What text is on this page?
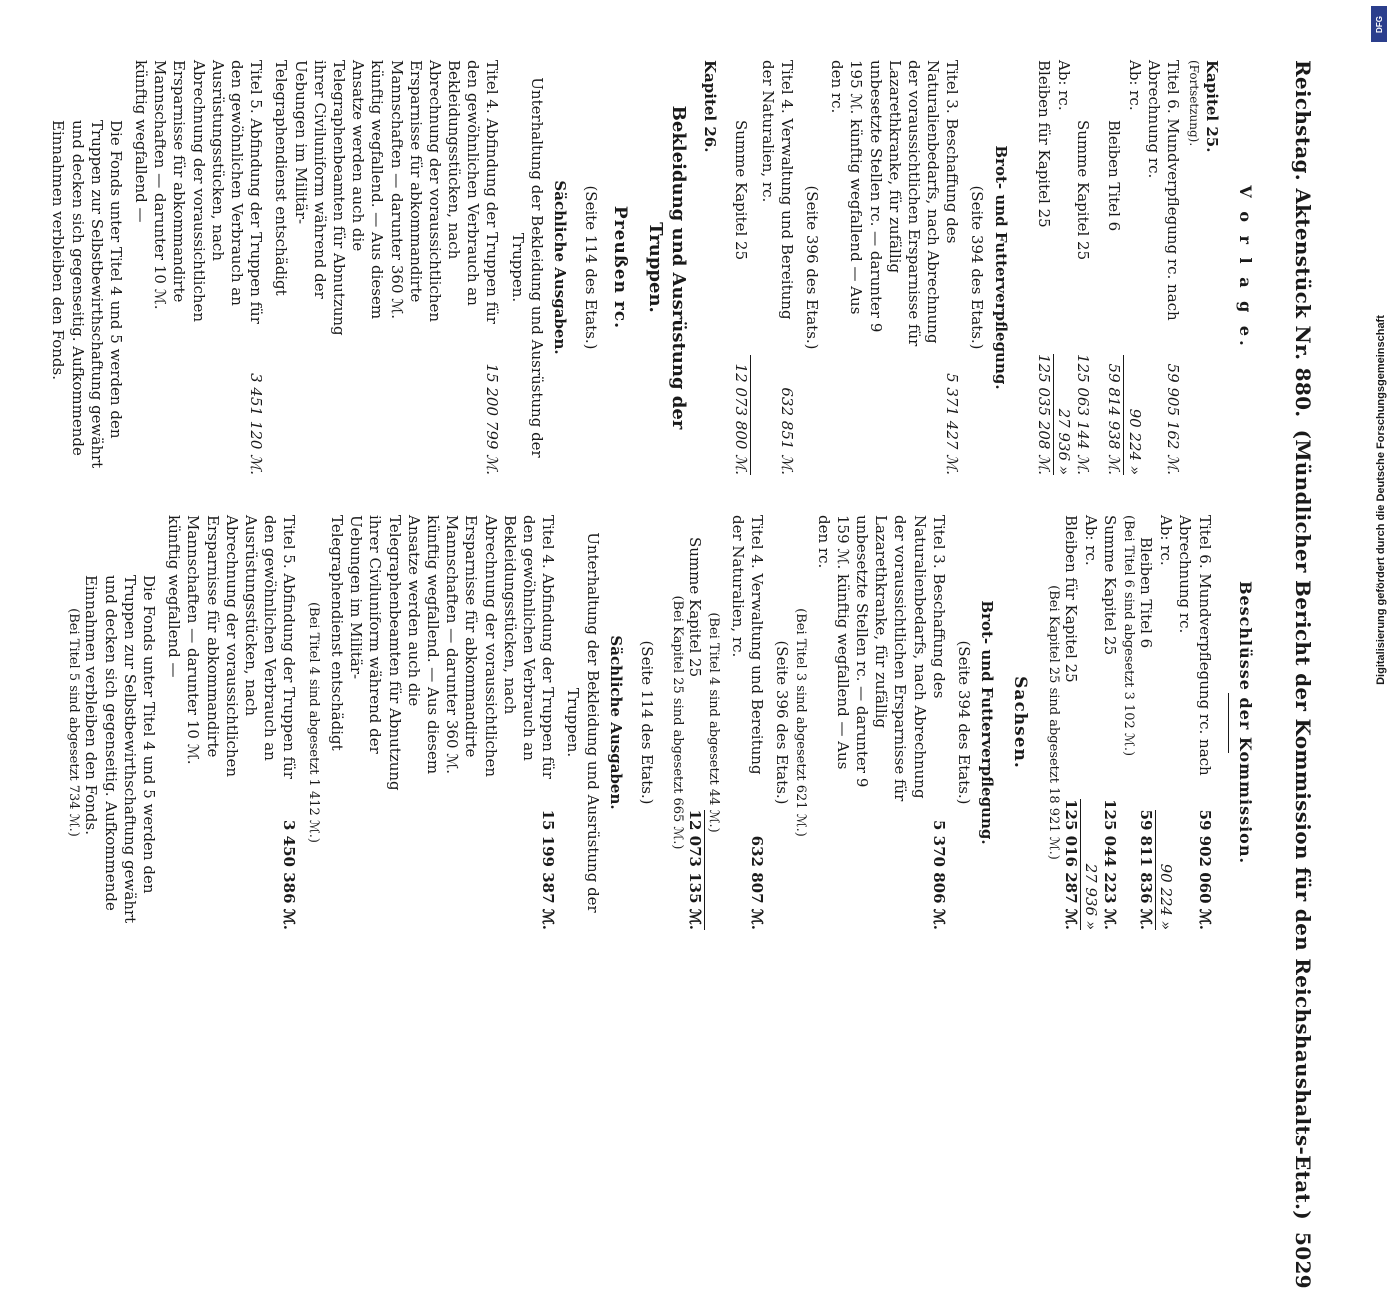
Reichstag. Aktenstück Nr. 880.
(Mündlicher Bericht der Kommission für den Reichshaushalts-Etat.)
5029
V o r l a g e.
Kapitel 25.
(Fortsetzung).
Titel 6. Mundverpflegung rc. nach Abrechnung rc.
59 905 162 ℳ.
Ab: rc.
90 224 »
Bleiben Titel 6
59 814 938 ℳ.
Summe Kapitel 25
125 063 144 ℳ.
Ab: rc.
27 936 »
Bleiben für Kapitel 25
125 035 208 ℳ.
Brot- und Futterverpflegung.
(Seite 394 des Etats.)
Titel 3. Beschaffung des Naturalienbedarfs, nach Abrechnung der voraussichtlichen Ersparnisse für Lazarethkranke, für zufällig unbesetzte Stellen rc. — darunter 9 195 ℳ. künftig wegfallend — Aus den rc.
5 371 427 ℳ.
(Seite 396 des Etats.)
Titel 4. Verwaltung und Bereitung der Naturalien, rc.
632 851 ℳ.
Summe Kapitel 25
12 073 800 ℳ.
Kapitel 26.
Bekleidung und Ausrüstung der Truppen.
Preußen rc.
(Seite 114 des Etats.)
Sächliche Ausgaben.
Unterhaltung der Bekleidung und Ausrüstung der Truppen.
Titel 4. Abfindung der Truppen für den gewöhnlichen Verbrauch an Bekleidungsstücken, nach Abrechnung der voraussichtlichen Ersparnisse für abkommandirte Mannschaften — darunter 360 ℳ. künftig wegfallend. — Aus diesem Ansatze werden auch die Telegraphenbeamten für Abnutzung ihrer Civiluniform während der Uebungen im Militär-Telegraphendienst entschädigt
15 200 799 ℳ.
Titel 5. Abfindung der Truppen für den gewöhnlichen Verbrauch an Ausrüstungsstücken, nach Abrechnung der voraussichtlichen Ersparnisse für abkommandirte Mannschaften — darunter 10 ℳ. künftig wegfallend —
3 451 120 ℳ.
Die Fonds unter Titel 4 und 5 werden den Truppen zur Selbstbewirthschaftung gewährt und decken sich gegenseitig. Aufkommende Einnahmen verbleiben den Fonds.
Beschlüsse der Kommission.
Titel 6. Mundverpflegung rc. nach Abrechnung rc.
59 902 060 ℳ.
Ab: rc.
90 224 »
Bleiben Titel 6
59 811 836 ℳ.
(Bei Titel 6 sind abgesetzt 3 102 ℳ.)
Summe Kapitel 25
125 044 223 ℳ.
Ab: rc.
27 936 »
Bleiben für Kapitel 25
125 016 287 ℳ.
(Bei Kapitel 25 sind abgesetzt 18 921 ℳ.)
Sachsen.
Brot- und Futterverpflegung.
(Seite 394 des Etats.)
Titel 3. Beschaffung des Naturalienbedarfs, nach Abrechnung der voraussichtlichen Ersparnisse für Lazarethkranke, für zufällig unbesetzte Stellen rc. — darunter 9 159 ℳ. künftig wegfallend — Aus den rc.
5 370 806 ℳ.
(Bei Titel 3 sind abgesetzt 621 ℳ.)
(Seite 396 des Etats.)
Titel 4. Verwaltung und Bereitung der Naturalien, rc.
632 807 ℳ.
(Bei Titel 4 sind abgesetzt 44 ℳ.)
Summe Kapitel 25
12 073 135 ℳ.
(Bei Kapitel 25 sind abgesetzt 665 ℳ.)
(Seite 114 des Etats.)
Sächliche Ausgaben.
Unterhaltung der Bekleidung und Ausrüstung der Truppen.
Titel 4. Abfindung der Truppen für den gewöhnlichen Verbrauch an Bekleidungsstücken, nach Abrechnung der voraussichtlichen Ersparnisse für abkommandirte Mannschaften — darunter 360 ℳ. künftig wegfallend. — Aus diesem Ansatze werden auch die Telegraphenbeamten für Abnutzung ihrer Civiluniform während der Uebungen im Militär-Telegraphendienst entschädigt
15 199 387 ℳ.
(Bei Titel 4 sind abgesetzt 1 412 ℳ.)
Titel 5. Abfindung der Truppen für den gewöhnlichen Verbrauch an Ausrüstungsstücken, nach Abrechnung der voraussichtlichen Ersparnisse für abkommandirte Mannschaften — darunter 10 ℳ. künftig wegfallend —
3 450 386 ℳ.
Die Fonds unter Titel 4 und 5 werden den Truppen zur Selbstbewirthschaftung gewährt und decken sich gegenseitig. Aufkommende Einnahmen verbleiben den Fonds.
(Bei Titel 5 sind abgesetzt 734 ℳ.)
DFG
Digitalisierung gefördert durch die Deutsche Forschungsgemeinschaft
